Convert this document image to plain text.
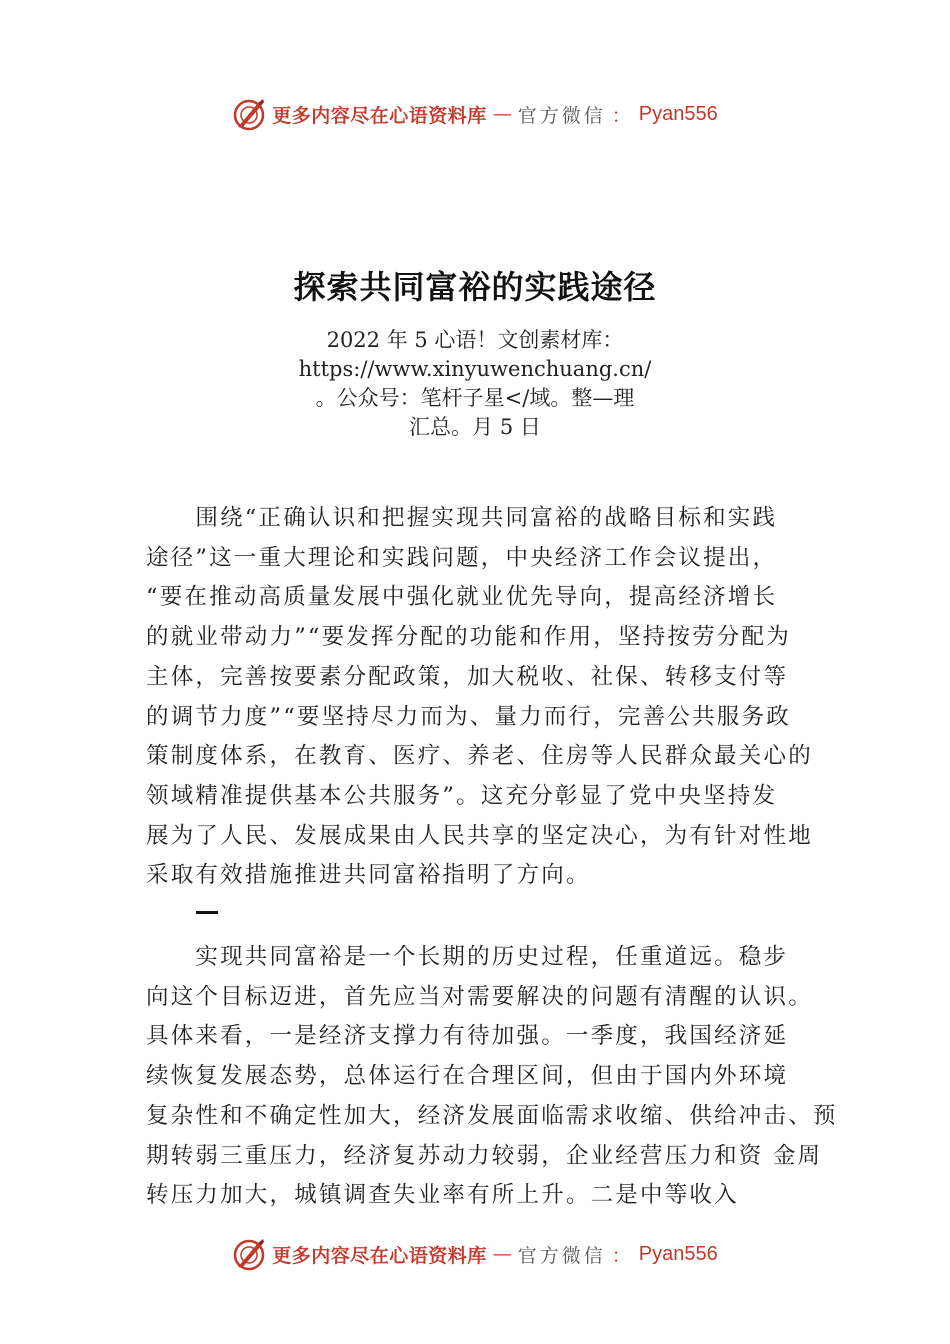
更多内容尽在心语资料库 — 官方微信 ： Pyan556
探索共同富裕的实践途径
2022 年 5 心语！文创素材库：
https://www.xinyuwenchuang.cn/
。公众号：笔杆子星</域。整—理
汇总。月 5 日
　　围绕“正确认识和把握实现共同富裕的战略目标和实践
途径”这一重大理论和实践问题，中央经济工作会议提出，
“要在推动高质量发展中强化就业优先导向，提高经济增长
的就业带动力”“要发挥分配的功能和作用，坚持按劳分配为
主体，完善按要素分配政策，加大税收、社保、转移支付等
的调节力度”“要坚持尽力而为、量力而行，完善公共服务政
策制度体系，在教育、医疗、养老、住房等人民群众最关心的
领域精准提供基本公共服务”。这充分彰显了党中央坚持发
展为了人民、发展成果由人民共享的坚定决心，为有针对性地
采取有效措施推进共同富裕指明了方向。
　　实现共同富裕是一个长期的历史过程，任重道远。稳步
向这个目标迈进，首先应当对需要解决的问题有清醒的认识。
具体来看，一是经济支撑力有待加强。一季度，我国经济延
续恢复发展态势，总体运行在合理区间，但由于国内外环境
复杂性和不确定性加大，经济发展面临需求收缩、供给冲击、预
期转弱三重压力，经济复苏动力较弱，企业经营压力和资 金周
转压力加大，城镇调查失业率有所上升。二是中等收入
更多内容尽在心语资料库 — 官方微信 ： Pyan556
